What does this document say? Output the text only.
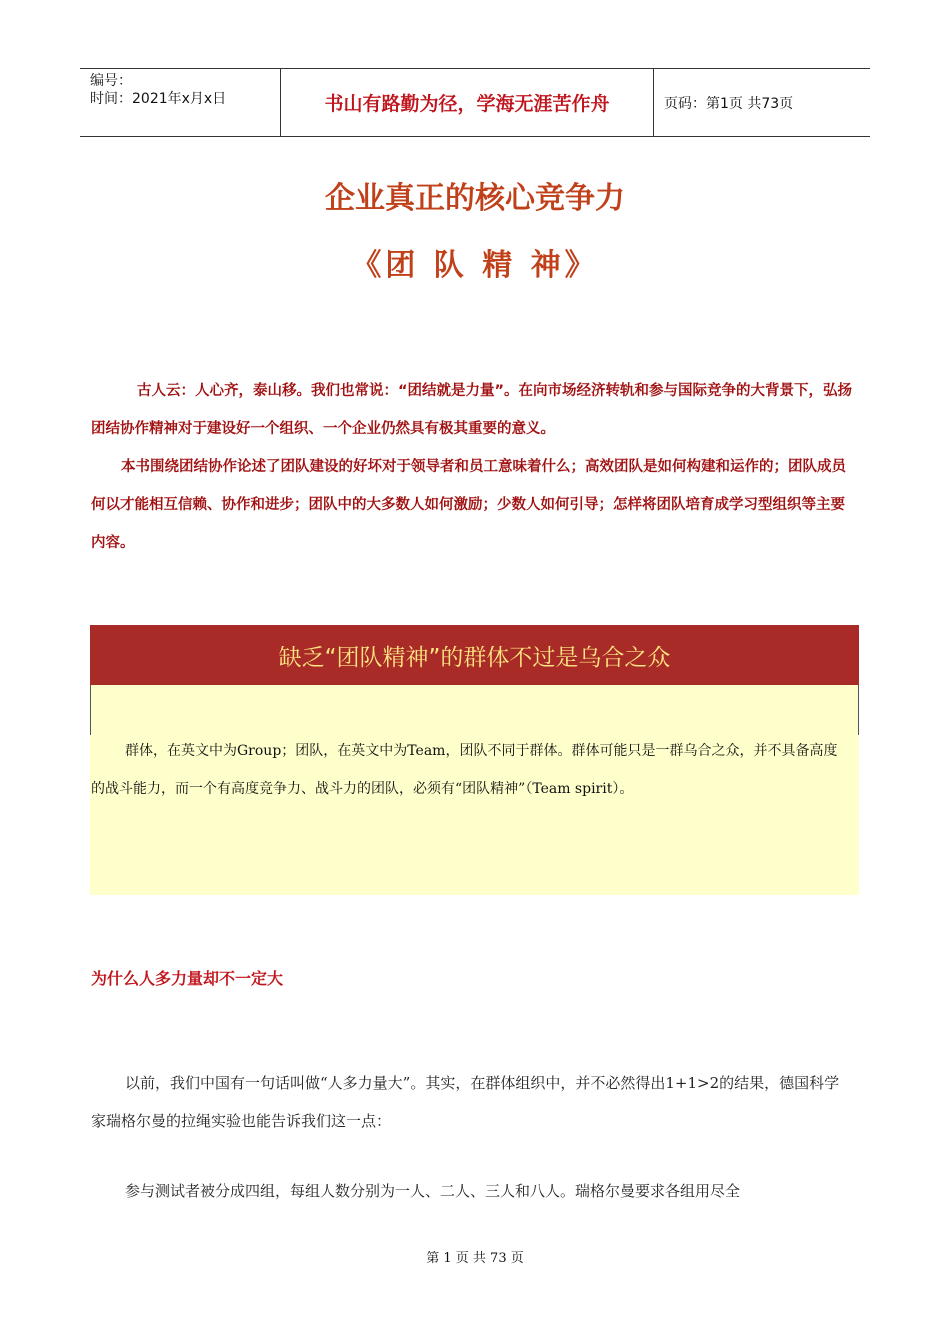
编号：
时间：2021年x月x日	书山有路勤为径，学海无涯苦作舟	页码：第1页 共73页
企业真正的核心竞争力
《团 队 精 神》

古人云：人心齐，泰山移。我们也常说：“团结就是力量”。在向市场经济转轨和参与国际竞争的大背景下，弘扬团结协作精神对于建设好一个组织、一个企业仍然具有极其重要的意义。

本书围绕团结协作论述了团队建设的好坏对于领导者和员工意味着什么；高效团队是如何构建和运作的；团队成员何以才能相互信赖、协作和进步；团队中的大多数人如何激励；少数人如何引导；怎样将团队培育成学习型组织等主要内容。

缺乏“团队精神”的群体不过是乌合之众

群体，在英文中为Group；团队，在英文中为Team，团队不同于群体。群体可能只是一群乌合之众，并不具备高度的战斗能力，而一个有高度竞争力、战斗力的团队，必须有“团队精神”（Team spirit）。

为什么人多力量却不一定大

以前，我们中国有一句话叫做“人多力量大”。其实，在群体组织中，并不必然得出1+1>2的结果，德国科学家瑞格尔曼的拉绳实验也能告诉我们这一点：

参与测试者被分成四组，每组人数分别为一人、二人、三人和八人。瑞格尔曼要求各组用尽全

第 1 页 共 73 页
